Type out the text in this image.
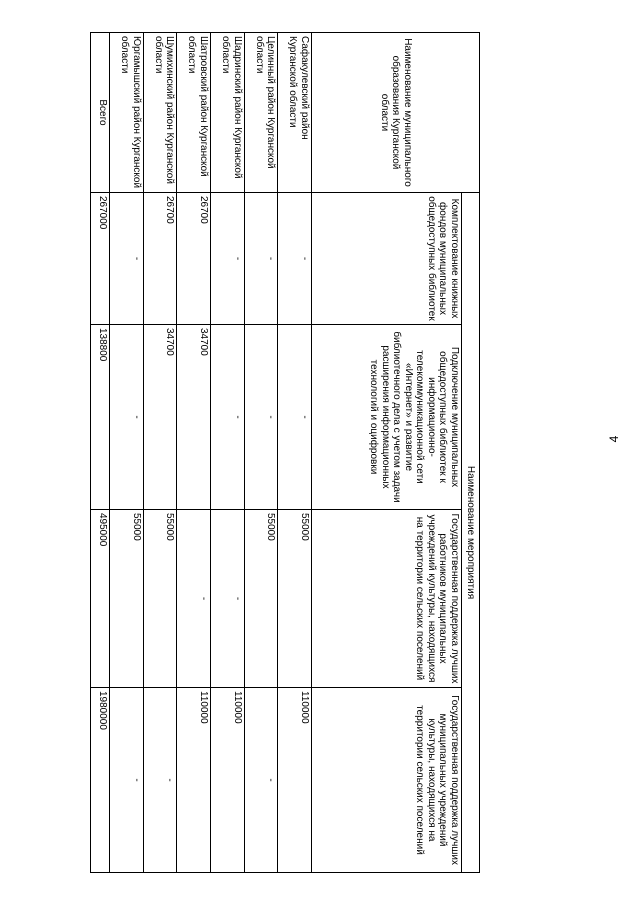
4
Наименование муниципального образования Курганской области	Наименование мероприятия			
	Комплектование книжных фондов муниципальных общедоступных библиотек	Подключение муниципальных общедоступных библиотек к информационно-телекоммуникационной сети «Интернет» и развитие библиотечного дела с учетом задачи расширения информационных технологий и оцифровки	Государственная поддержка лучших работников муниципальных учреждений культуры, находящихся на территории сельских поселений	Государственная поддержка лучших муниципальных учреждений культуры, находящихся на территории сельских поселений
Сафакулевский район Курганской области	-	-	55000	110000
Целинный район Курганской области	-	-	55000	-
Шадринский район Курганской области	-	-	-	110000
Шатровский район Курганской области	26700	34700	-	110000
Шумихинский район Курганской области	26700	34700	55000	-
Юргамышский район Курганской области	-	-	55000	-
Всего	267000	138800	495000	1980000
